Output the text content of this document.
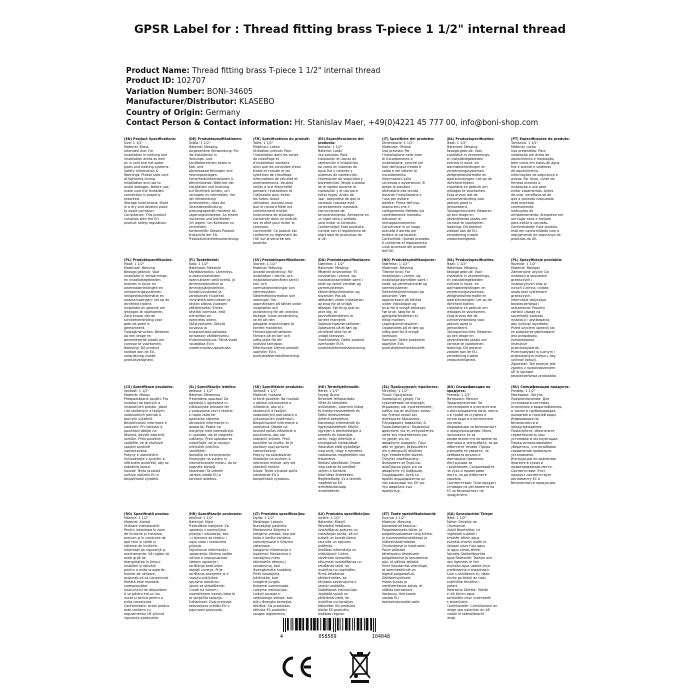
GPSR Label for : Thread fitting brass T-piece 1 1/2" internal thread
Product Name: Thread fitting brass T-piece 1 1/2" internal thread
Product ID: 102707
Variation Number: BONI-34605
Manufacturer/Distributor: KLASEBO
Country of Origin: Germany
Contact Person & Contact information: Hr. Stanislav Maer, +49(0)4221 45 777 00, info@boni-shop.com
(EN) Product Specifications:
Size: 1 1/2"
Material: Brass
Intended Use: For
installation in heating and
installation areas as well
as in cold and hot water
pipes and heating systems.
Safety Information &
Warnings: Please take care
of tightness during
installation and use to
avoid leakages. Before use,
make sure the threaded
connection is properly
mounted.
Storage Instructions: Store
in a dry and aerated place
to avoid corrosion.
Compliance: This product
complies with the EU
product safety regulation.
(DE) Produktspezifikationen:
Größe: 1 1/2"
Material: Messing
Vorgesehene Verwendung: Für
die Installation in
Heizungs- und
Sanitärbereichen sowie in
Kalt- und
Warmwasserleitungen und
Heizungsanlagen.
Sicherheitsinformationen &
Warnhinweise: Bitte bei der
Installation und Nutzung
auf Dichtheit achten, um
Leckagen zu vermeiden. Vor
der Verwendung
sicherstellen, dass die
Gewindeverbindung
ordnungsgemäß montiert ist.
Lagerungshinweise: An einem
trockenen und belüfteten
Ort lagern, um Korrosion zu
vermeiden.
Konformität: Dieses Produkt
entspricht der EU-
Produktsicherheitsverordnung.
(FR) Spécifications du produit:
Taille: 1 1/2"
Matériau: Laiton
Utilisation prévue: Pour
l'installation dans les zones
de chauffage et
d'installation sanitaire
ainsi que les conduites d'eau
froide et chaude et les
systèmes de chauffage.
Informations de sécurité et
avertissements: Veuillez
veiller à une étanchéité
pendant l'installation et
l'utilisation pour éviter
les fuites. Avant
utilisation, assurez-vous
que le raccord fileté est
correctement monté.
Instructions de stockage:
Conserver dans un endroit
sec et aéré pour éviter la
corrosion.
Conformité: Ce produit est
conforme au règlement de
l'UE sur la sécurité des
produits.
(ES) Especificaciones del producto:
Tamaño: 1 1/2"
Material: Latón
Uso previsto: Para
instalación en zonas de
calefacción e instalación,
así como en tuberías de
agua fría y caliente y
sistemas de calefacción.
Información de seguridad y
advertencias: Tenga cuidado
de la rigidez durante la
instalación y el uso para
evitar fugas. Antes de
usar, asegúrese de que la
conexión roscada esté
correctamente montada.
Instrucciones de
almacenamiento: Almacene en
un lugar seco y aireado
para evitar la corrosión.
Conformidad: Este producto
cumple con el reglamento de
seguridad de productos de
la UE.
(IT) Specifiche del prodotto:
Dimensione: 1 1/2"
Materiale: Ottone
Uso previsto: Per
l'installazione nelle aree
di riscaldamento e
installazione, nonché nei
tubi dell'acqua fredda e
calda e nei sistemi di
riscaldamento.
Informazioni sulla
sicurezza e avvertenze: Si
prega di prestare
attenzione alla tenuta
durante l'installazione e
l'uso per evitare
perdite. Prima dell'uso,
assicurarsi che il
collegamento filettato sia
correttamente montato.
Istruzioni di
immagazzinamento:
Conservare in un luogo
asciutto e aerato per
evitare la corrosione.
Conformità: Questo prodotto
è conforme al regolamento
sulla sicurezza dei prodotti
dell'UE.
(NL) Productspecificaties:
Maat: 1 1/2"
Materiaal: Messing
Beoogd gebruik: Voor
installatie in verwarmings-
en installatiegebieden
evenals in koud- en
warmwaterleidingen en
verwarmingssystemen.
Veiligheidsinformatie en
waarschuwingen: Let op de
dichtheid tijdens
installatie en gebruik om
lekkages te voorkomen.
Zorg ervoor dat de
schroefverbinding voor
gebruik goed is
gemonteerd.
Opslaginstructies: Bewaren
op een droge en
geventileerde plaats om
corrosie te voorkomen.
Naleving: Dit product
voldoet aan de EU-
verordening inzake
productveiligheid.
(PT) Especificações do produto:
Tamanho: 1 1/2"
Material: Latão
Uso pretendido: Para
instalação em áreas de
aquecimento e instalação,
bem como em tubos de água
fria e quente e sistemas
de aquecimento.
Informações de segurança e
avisos: Por favor, cuide da
firmeza durante a
instalação e uso para
evitar vazamentos. Antes
de usar, certifique-se de
que a conexão rosqueada
está montada
corretamente.
Instruções de
armazenamento: Armazene em
um lugar seco e arejado
para evitar a corrosão.
Conformidade: Este produto
está em conformidade com o
regulamento de segurança de
produtos da UE.
(PL) Produktspecifikacies:
Maat: 1 1/2"
Materiaal: Messing
Beoogd gebruik: Voor
installatie in verwarmings-
en installatiegebieden
evenals in koud- en
warmwaterleidingen en
verwarmingssystemen.
Veiligheidsinformatie en
waarschuwingen: Let op de
dichtheid tijdens
installatie en gebruik om
lekkages te voorkomen.
Zorg ervoor dat de
schroefverbinding voor
gebruik goed is
gemonteerd.
Opslaginstructies: Bewaren
op een droge en
geventileerde plaats om
corrosie te voorkomen.
Naleving: Dit product
voldoet aan de EU-
verordening inzake
productveiligheid.
(FI) Tuotetiedot:
Koko: 1 1/2"
Materiaali: Messinki
Käyttötarkoitus: Lämmitys-
ja asennusalueiden
asennukseen sekä kylmä- ja
lämminvesiputkiin ja
lämmitysjärjestelmiin.
Turvallisuustiedot ja
varoitukset: Huolehdi
tiiviydestä asennuksen ja
käytön aikana vuotojen
välttämiseksi. Ennen
käyttöä varmista, että
kierreliitos on
asennettu oikein.
Säilytysohjeet: Säilytä
kuivassa ja
ilmastoidussa paikassa
korroosion välttämiseksi.
Yhdenmukaisuus: Tämä tuote
noudattaa EU:n
tuoteturvallisuusasetusta.
(SV) Produktspecifikationer:
Storlek: 1 1/2"
Material: Mässing
Avsedd användning: För
installation i värme- och
installationsområden samt i
kall- och
varmvattenledningar och
värmesystem.
Säkerhetsinformation och
varningar: Var
uppmärksam på täthet under
installation och
användning för att undvika
läckage. Innan användning,
se till att den
gängade anslutningen är
korrekt monterad.
Förvaringsinstruktioner:
Förvara på en torr och
luftig plats för att
undvika korrosion.
Efterlevnad: Denna produkt
uppfyller EU:s
produktsäkerhetsförordning.
(DA) Produktspecifikationer:
Størrelse: 1 1/2"
Materiale: Messing
Påtænkt anvendelse: Til
installation i varme- og
installationsområder samt i
koldt og varmt vandrør og
varmesystemer.
Sikkerhedsinformation og
advarsler: Pas på
tætheden under installation
og brug for at undgå
lækager. Før brug skal du
sikre dig, at
gevindforbindelsen er
korrekt monteret.
Opbevaringsinstruktioner:
Opbevares på et tørt og
ventileret sted for at
undgå korrosion.
Overholdelse: Dette produkt
overholder EU's
produktsikkerhedsforordning.
(NO) Produktspesifikasjoner:
Størrelse: 1 1/2"
Materiale: Messing
Tiltenkt bruk: For
installasjon i varme- og
installasjonsområder samt i
kaldt- og varmtvannsrør og
varmesystemer.
Sikkerhetsinformasjon og
advarsler: Vær
oppmerksom på tetthet
under installasjon og
bruk for å unngå lekkasjer.
Før bruk, sørg for at
gjengeforbindelsen er
riktig montert.
Lagringsinstruksjoner:
Oppbevares på et tørt og
luftig sted for å unngå
korrosjon.
Samsvar: Dette produktet
oppfyller EUs
produktsikkerhetsforskrift.
(NL) Productspecificaties:
Maat: 1 1/2"
Materiaal: Messing
Beoogd gebruik: Voor
installatie in verwarmings-
en installatiegebieden
evenals in koud- en
warmwaterleidingen en
verwarmingssystemen.
Veiligheidsinformatie en
waarschuwingen: Let op de
dichtheid tijdens
installatie en gebruik om
lekkages te voorkomen.
Zorg ervoor dat de
schroefverbinding voor
gebruik goed is
gemonteerd.
Opslaginstructies: Bewaren
op een droge en
geventileerde plaats om
corrosie te voorkomen.
Naleving: Dit product
voldoet aan de EU-
verordening inzake
productveiligheid.
(PL) Specyfikacje produktu:
Rozmiar: 1 1/2"
Materiał: Mosiądz
Zamierzone użycie: Do
instalacji w obszarach
grzewczych i
instalacyjnych oraz w
rurach z zimną i ciepłą
wodą oraz systemach
grzewczych.
Informacje dotyczące
bezpieczeństwa i
ostrzeżenia: Prosimy
zwrócić uwagę na
szczelność podczas
instalacji i użytkowania,
aby uniknąć wycieków.
Przed użyciem upewnij się,
że połączenie gwintowane
jest prawidłowo
zamontowane.
Instrukcje
przechowywania:
Przechowywać w suchym i
przewiewnym miejscu, aby
uniknąć korozji.
Zgodność: Ten produkt jest
zgodny z rozporządzeniem
UE w sprawie
bezpieczeństwa produktów.
(CS) Specifikace produktu:
Velikost: 1 1/2"
Materiál: Mosaz
Předpokládané použití: Pro
instalaci do topných a
instalačních prostor, jakož
i do studených a teplých
vodovodních potrubí a
topných systémů.
Bezpečnostní informace a
varování: Při instalaci a
používání dbejte na
těsnost, abyste zabránili
únikům. Před použitím
zajistěte, že je závitové
spojení správně
namontováno.
Pokyny k uskladnění:
Uchovávejte v suchém a
větraném prostředí, aby se
zabránilo korozi.
Soulad: Tento produkt
splňuje nařízení EU o
bezpečnosti výrobků.
(SL) Specifikacije izdelka:
Velikost: 1 1/2"
Material: Medenina
Predvidena uporaba: Za
vgradnjo v ogrevalne in
inštalacijske prostore ter
v vodovodne cevi s hladno
in toplo vodo ter
ogrevalne sisteme.
Varnostne informacije in
opozorila: Pazite na
tesnjenje med namestitvijo
in uporabo, da se izognete
puščanju. Pred uporabo se
prepričajte, da je navojni
priključek pravilno
nameščen.
Navodila za shranjevanje:
Shranjujte na suhem in
prezračevanem mestu, da se
izognete koroziji.
Skladnost: Ta izdelek
ustreza uredbi EU o
varnosti izdelkov.
(SK) Špecifikácie produktu:
Veľkosť: 1 1/2"
Materiál: mosadz
Určené použitie: Na montáž
v oblasti vykurovania a
inštalácie, ako aj v
studených a teplých
vodovodných potrubiach a
vykurovacích systémoch.
Bezpečnostné informácie a
varovania: Dbajte na
tesnosť počas inštalácie a
používania, aby ste
zabránili únikom. Pred
použitím sa uistite, že je
závitový spoj správne
namontovaný.
Pokyny na skladovanie:
Skladujte na suchom a
vetranom mieste, aby ste
zabránili korózii.
Súlad: Tento výrobok spĺňa
nariadenie EÚ o
bezpečnosti výrobkov.
(HU) Termékjellemzők:
Méret: 1 1/2"
Anyag: Bronz
Tervezett felhasználás:
Fűtés és telepítési
területeken, valamint hideg
és meleg vízvezetékek és
fűtési rendszerekbe
történő beépítésre.
Biztonsági információk és
figyelmeztetések: Kérjük,
ügyeljen a tömítettségre a
szerelés és használat
során, hogy elkerülje a
szivárgások kialakulását.
Használat előtt győződjön
meg arról, hogy a menetes
csatlakozás megfelelően van
felszerelve.
Tárolási utasítások: Őrizze
meg száraz és szellőző
helyen a korrózió
elkerülése érdekében.
Megfelelőség: Ez a termék
megfelel az EU
termékbiztonsági
rendeletének.
(EL) Προδιαγραφές προϊόντος:
Μέγεθος: 1 1/2"
Υλικό: Ορείχαλκος
Σκοπούμενη χρήση: Για
εγκατάσταση σε περιοχές
θέρμανσης και εγκατάστασης,
καθώς και σε σωλήνες κρύου
και ζεστού νερού και
συστήματα θέρμανσης.
Πληροφορίες ασφαλείας &
Προειδοποιήσεις: Παρακαλώ
φροντίστε για τη στεγανότητα
κατά την εγκατάσταση και
τη χρήση για να
αποφύγετε διαρροές. Πριν
από τη χρήση, βεβαιωθείτε
ότι η σπειρωτή σύνδεση
έχει τοποθετηθεί σωστά.
Οδηγίες αποθήκευσης:
Φυλάσσετε σε ξηρό και
αεριζόμενο χώρο για να
αποφύγετε τη διάβρωση.
Συμμόρφωση: Αυτό το
προϊόν συμμορφώνεται με
τον κανονισμό της ΕΕ για
την ασφάλεια των
προϊόντων.
(BG) Спецификации на продукта:
Размер: 1 1/2"
Материал: Месинг
Предназначение: За
инсталиране в отоплителни
и инсталационни зони, както
и в тръби за студена и
топла вода и отоплителни
системи.
Информация за безопасност
и предупреждения: Моля,
погрижете се за
херметичността по време на
монтажа и употребата, за да
избегнете течове. Преди
употреба се уверете, че
резбовата връзка е
монтирана правилно.
Инструкции за
съхранение: Съхранявайте
на сухо и проветриво
място, за да избегнете
корозия.
Съответствие: Този продукт
отговаря на регламента на
ЕС за безопасност на
продуктите.
(RU) Спецификации продукта:
Размер: 1 1/2"
Материал: Латунь
Предназначение: Для
установки в системах
отопления и водоснабжения,
а также в трубопроводах
холодной и горячей воды.
Информация по
безопасности и
предупреждения:
Пожалуйста, обеспечьте
герметичность при
установке и эксплуатации.
Перед использованием
убедитесь, что резьбовое
соединение правильно
установлено.
Инструкции по хранению:
Храните в сухом и
проветриваемом месте.
Соответствие: Этот
продукт соответствует
регламенту ЕС о
безопасности продукции.
(RO) Specificații produs:
Mărime: 1 1/2"
Material: Alamă
Utilizare intenționată:
Pentru instalarea în zone
de încălzire și instalare,
precum și în conducte de
apă rece și caldă și
sisteme de încălzire.
Informații de siguranță și
avertismente: Vă rugăm să
aveți grijă de
etanșeitatea în timpul
instalării și utilizării
pentru a evita scurgerile.
Înainte de utilizare,
asigurați-vă că conexiunea
filetată este montată
corespunzător.
Instrucțiuni de depozitare:
A se păstra într-un loc
uscat și aerisit pentru a
evita coroziunea.
Conformitate: Acest produs
este conform cu
regulamentul UE privind
siguranța produselor.
(HR) Specifikacije proizvoda:
Veličina: 1 1/2"
Materijal: Mjed
Predviđena namjena: Za
ugradnju u područjima
grijanja i instalacija, kao
i u cijevima za hladnu i
toplu vodu i sustavima
grijanja.
Sigurnosne informacije i
upozorenja: Molimo vodite
računa o nepropusnosti
tijekom ugradnje i
korištenja kako biste
izbjegli curenje. Prije
korištenja provjerite je li
navojni priključak
ispravno montiran.
Upute za skladištenje:
Čuvati na suhom i
prozračenom mjestu kako bi
se spriječila korozija.
Sukladnost: Ovaj proizvod
zadovoljava uredbu EU o
sigurnosti proizvoda.
(LT) Produkto specifikacijos:
Dydis: 1 1/2"
Medžiaga: Latunis
Numatytoji paskirtis:
Montavimui šildymo ir
įrengimo vietose, taip pat
šalto ir karšto vandens
vamzdynuose ir šildymo
sistemose.
Saugumo informacija ir
įspėjimai: Montavimo ir
naudojimo metu
atkreipkite dėmesį į
sandarumą, kad
išvengtumėte nuotėkio.
Prieš naudojimą
įsitikinkite, kad
sriegtinė jungtis
tinkamai sumontuota.
Laikymo instrukcijos:
Laikyti sausoje ir
vėdinamoje vietoje, kad
būtų išvengta korozijos.
Atitiktis: Šis produktas
atitinka ES produktų
saugos reglamentą.
(LV) Produkta specifikācijas:
Izmērs: 1 1/2"
Materiāls: Misiņš
Paredzētā lietošana:
Uzstādīšanai apkures un
instalācijas zonās, kā arī
aukstā un karstā ūdens
caurulēs un apkures
sistēmās.
Drošības informācija un
brīdinājumi: Lūdzu,
pievērsiet uzmanību
blīvumam uzstādīšanas un
lietošanas laikā, lai
izvairītos no noplūdēm.
Pirms lietošanas
pārliecinieties, ka
vītņotais savienojums ir
pareizi uzstādīts.
Glabāšanas instrukcijas:
Uzglabāt sausā un
vēdināmā vietā, lai
izvairītos no korozijas.
Atbilstība: Šis produkts
atbilst ES produktu
drošības regulai.
(ET) Toote spetsifikatsioonid:
Suurus: 1 1/2"
Materjal: Messing
Kavandatud kasutus:
Paigaldamiseks kütte- ja
paigaldusaladesse ning külma-
ja kuumaveetorustikesse ja
küttesüsteemidesse.
Ohutusteave ja hoiatused:
Palun pöörake
tähelepanu tihedusele
paigaldamise ja kasutamise
ajal, et vältida lekkeid.
Enne kasutamist veenduge,
et keermesliitmik on
õigesti paigaldatud.
Säilitamisjuhised:
Hoida kuivas ja
ventileeritavas kohas, et
vältida korrosiooni.
Vastavus: See toode
vastab ELi
tooteohutusmäärusele.
(GA) Sonraíochtaí Táirge:
Méid: 1 1/2"
Ábhar: Seirbhís do
Chumannaí
Úsáid Beartaithe: Le
haghaidh suiteáil i
limistéir téimh agus
suiteála chomh maith le
típíopaí uisce fuar agus
te agus córais téimh.
Faisnéis Sábháilteachta
agus Rabhaidh: Tabhair aire
don tighneas le linn
shuiteáil agus úsáide chun
sceitheanna a sheachaint.
Sula n-úsáideann tú, déan
cinnte go bhfuil an nasc
snáithithe feistithe i
gceart.
Treoracha Stórála: Stóráil
in áit thirim agus
aerálaithe chun creimeadh
a sheachaint.
Comhlíonadh: Comhlíonann an
táirge seo rialachán an AE
maidir le sábháilteacht
táirgí.
4	058569	104048
